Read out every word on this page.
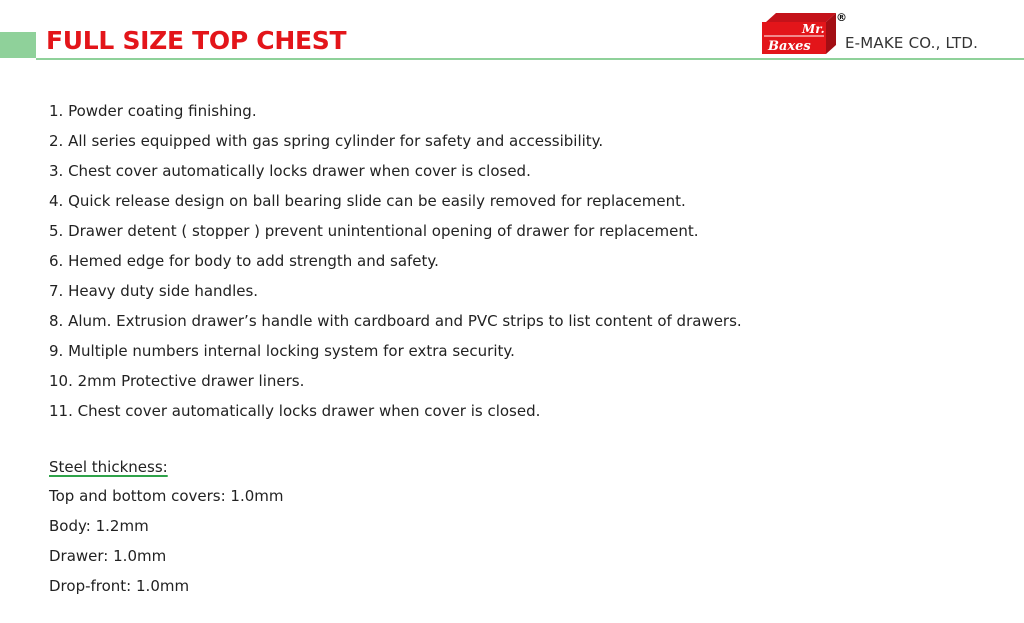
FULL SIZE TOP CHEST	Mr.
Baxes
®
E-MAKE CO., LTD.
1. Powder coating finishing.
2. All series equipped with gas spring cylinder for safety and accessibility.
3. Chest cover automatically locks drawer when cover is closed.
4. Quick release design on ball bearing slide can be easily removed for replacement.
5. Drawer detent ( stopper ) prevent unintentional opening of drawer for replacement.
6. Hemed edge for body to add strength and safety.
7. Heavy duty side handles.
8. Alum. Extrusion drawer’s handle with cardboard and PVC strips to list content of drawers.
9. Multiple numbers internal locking system for extra security.
10. 2mm Protective drawer liners.
11. Chest cover automatically locks drawer when cover is closed.
Steel thickness:
Top and bottom covers: 1.0mm
Body: 1.2mm
Drawer: 1.0mm
Drop-front: 1.0mm
